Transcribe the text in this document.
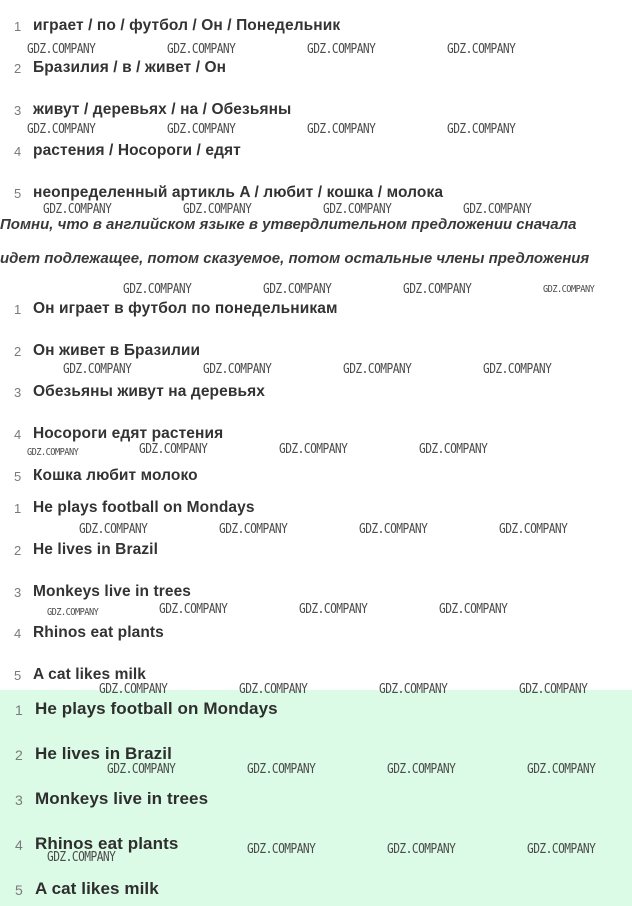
1 играет / по / футбол / Он / Понедельник
2 Бразилия / в / живет / Он
3 живут / деревьях / на / Обезьяны
4 растения / Носороги / едят
5 неопределенный артикль A / любит / кошка / молока
Помни, что в английском языке в утвердлительном предложении сначала
идет подлежащее, потом сказуемое, потом остальные члены предложения
1 Он играет в футбол по понедельникам
2 Он живет в Бразилии
3 Обезьяны живут на деревьях
4 Носороги едят растения
5 Кошка любит молоко
1 He plays football on Mondays
2 He lives in Brazil
3 Monkeys live in trees
4 Rhinos eat plants
5 A cat likes milk
1 He plays football on Mondays
2 He lives in Brazil
3 Monkeys live in trees
4 Rhinos eat plants
5 A cat likes milk
GDZ.COMPANY	GDZ.COMPANY	GDZ.COMPANY	GDZ.COMPANY
GDZ.COMPANY	GDZ.COMPANY	GDZ.COMPANY	GDZ.COMPANY
GDZ.COMPANY	GDZ.COMPANY	GDZ.COMPANY	GDZ.COMPANY
GDZ.COMPANY	GDZ.COMPANY	GDZ.COMPANY	GDZ.COMPANY
GDZ.COMPANY	GDZ.COMPANY	GDZ.COMPANY	GDZ.COMPANY
GDZ.COMPANY	GDZ.COMPANY	GDZ.COMPANY	GDZ.COMPANY
GDZ.COMPANY	GDZ.COMPANY	GDZ.COMPANY	GDZ.COMPANY
GDZ.COMPANY	GDZ.COMPANY	GDZ.COMPANY	GDZ.COMPANY
GDZ.COMPANY	GDZ.COMPANY	GDZ.COMPANY	GDZ.COMPANY
GDZ.COMPANY	GDZ.COMPANY	GDZ.COMPANY	GDZ.COMPANY
GDZ.COMPANY
GDZ.COMPANY	GDZ.COMPANY	GDZ.COMPANY
